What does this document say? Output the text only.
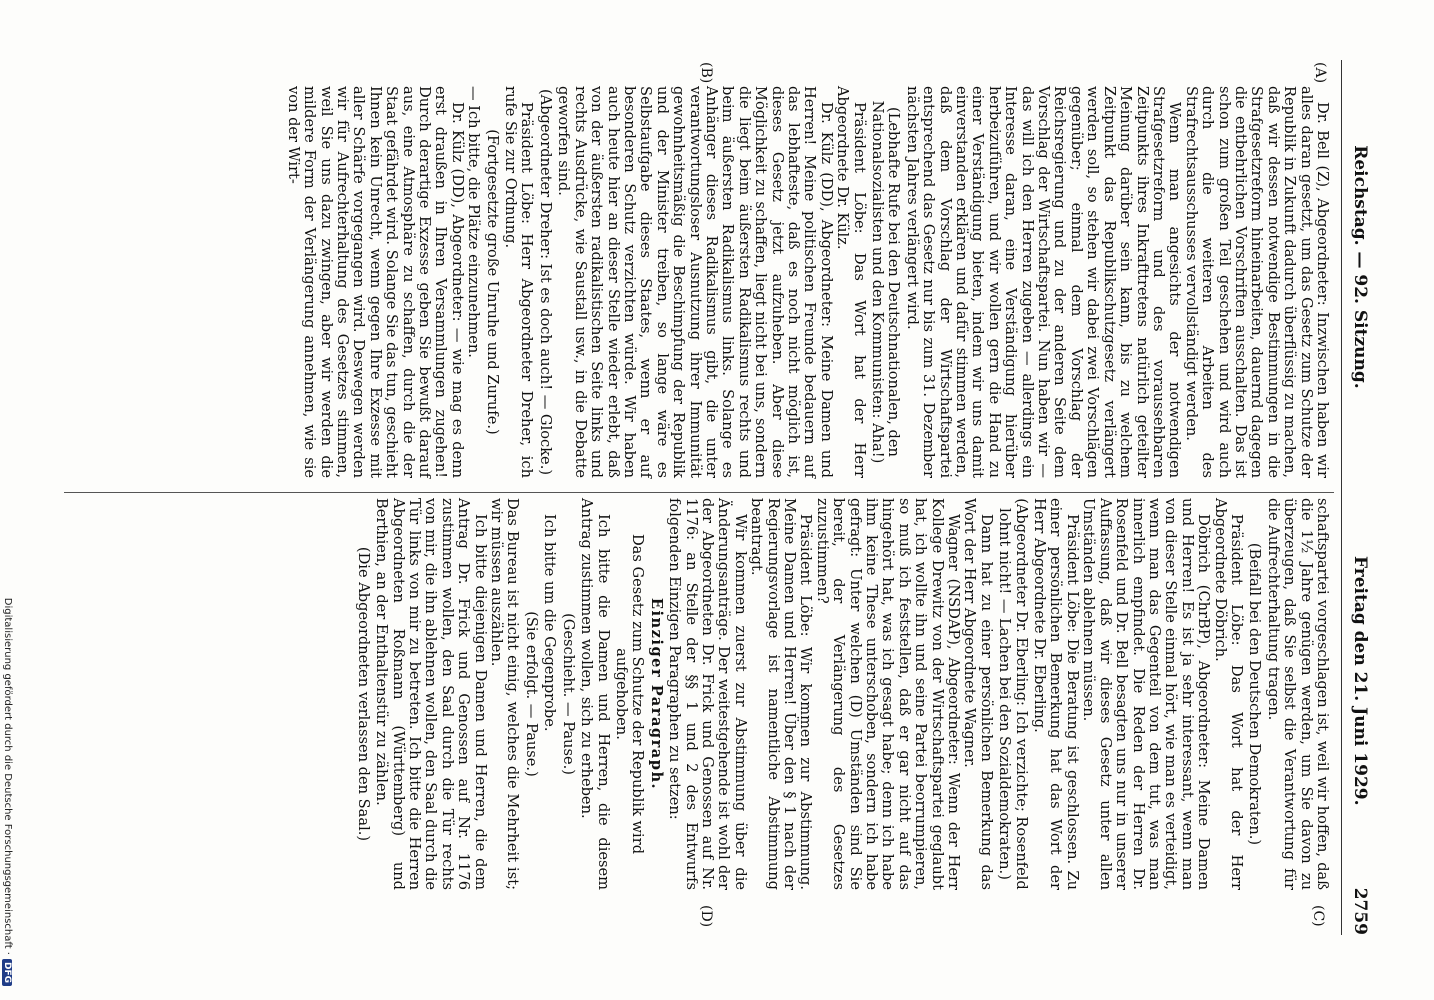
Reichstag. — 92. Sitzung.
Freitag den 21. Juni 1929.
2759
(A)
(B)
(C)
(D)

Dr. Bell (Z), Abgeordneter: Inzwischen haben wir alles daran gesetzt, um das Gesetz zum Schutze der Republik in Zukunft dadurch überflüssig zu machen, daß wir dessen notwendige Bestimmungen in die Strafgesetzreform hineinarbeiten, dauernd dagegen die entbehrlichen Vorschriften ausschalten. Das ist schon zum großen Teil geschehen und wird auch durch die weiteren Arbeiten des Strafrechtsausschusses vervollständigt werden.

Wenn man angesichts der notwendigen Strafgesetzreform und des voraussehbaren Zeitpunkts ihres Inkrafttretens natürlich geteilter Meinung darüber sein kann, bis zu welchem Zeitpunkt das Republikschutzgesetz verlängert werden soll, so stehen wir dabei zwei Vorschlägen gegenüber; einmal dem Vorschlag der Reichsregierung und zu der anderen Seite dem Vorschlag der Wirtschaftspartei. Nun haben wir — das will ich den Herren zugeben — allerdings ein Interesse daran, eine Verständigung hierüber herbeizuführen, und wir wollen gern die Hand zu einer Verständigung bieten, indem wir uns damit einverstanden erklären und dafür stimmen werden, daß dem Vorschlag der Wirtschaftspartei entsprechend das Gesetz nur bis zum 31. Dezember nächsten Jahres verlängert wird.

(Lebhafte Rufe bei den Deutschnationalen, den Nationalsozialisten und den Kommunisten: Aha!)

Präsident Löbe: Das Wort hat der Herr Abgeordnete Dr. Külz.

Dr. Külz (DD), Abgeordneter: Meine Damen und Herren! Meine politischen Freunde bedauern auf das lebhafteste, daß es noch nicht möglich ist, dieses Gesetz jetzt aufzuheben. Aber diese Möglichkeit zu schaffen, liegt nicht bei uns, sondern die liegt beim äußersten Radikalismus rechts und beim äußersten Radikalismus links. Solange es Anhänger dieses Radikalismus gibt, die unter verantwortungsloser Ausnutzung ihrer Immunität gewohnheitsmäßig die Beschimpfung der Republik und der Minister treiben, so lange wäre es Selbstaufgabe dieses Staates, wenn er auf besonderen Schutz verzichten würde. Wir haben auch heute hier an dieser Stelle wieder erlebt, daß von der äußersten radikalistischen Seite links und rechts Ausdrücke, wie Saustall usw., in die Debatte geworfen sind.

(Abgeordneter Dreher: Ist es doch auch! — Glocke.)

Präsident Löbe: Herr Abgeordneter Dreher, ich rufe Sie zur Ordnung.

(Fortgesetzte große Unruhe und Zurufe.)

— Ich bitte, die Plätze einzunehmen.

Dr. Külz (DD), Abgeordneter: — wie mag es denn erst draußen in Ihren Versammlungen zugehen! Durch derartige Exzesse geben Sie bewußt darauf aus, eine Atmosphäre zu schaffen, durch die der Staat gefährdet wird. Solange Sie das tun, geschieht Ihnen kein Unrecht, wenn gegen Ihre Exzesse mit aller Schärfe vorgegangen wird. Deswegen werden wir für Aufrechterhaltung des Gesetzes stimmen, weil Sie uns dazu zwingen, aber wir werden die mildere Form der Verlängerung annehmen, wie sie von der Wirt-

schaftspartei vorgeschlagen ist, weil wir hoffen, daß die 1½ Jahre genügen werden, um Sie davon zu überzeugen, daß Sie selbst die Verantwortung für die Aufrechterhaltung tragen.

(Beifall bei den Deutschen Demokraten.)

Präsident Löbe: Das Wort hat der Herr Abgeordnete Döbrich.

Döbrich (ChrBP), Abgeordneter: Meine Damen und Herren! Es ist ja sehr interessant, wenn man von dieser Stelle einmal hört, wie man es verteidigt, wenn man das Gegenteil von dem tut, was man innerlich empfindet. Die Reden der Herren Dr. Rosenfeld und Dr. Bell besagten uns nur in unserer Auffassung, daß wir dieses Gesetz unter allen Umständen ablehnen müssen.

Präsident Löbe: Die Beratung ist geschlossen. Zu einer persönlichen Bemerkung hat das Wort der Herr Abgeordnete Dr. Eberling.

(Abgeordneter Dr. Eberling: Ich verzichte; Rosenfeld lohnt nicht! — Lachen bei den Sozialdemokraten.)

Dann hat zu einer persönlichen Bemerkung das Wort der Herr Abgeordnete Wagner.

Wagner (NSDAP), Abgeordneter: Wenn der Herr Kollege Drewitz von der Wirtschaftspartei geglaubt hat, ich wollte ihn und seine Partei beorrumpieren, so muß ich feststellen, daß er gar nicht auf das hingehört hat, was ich gesagt habe; denn ich habe ihm keine These unterschoben, sondern ich habe gefragt: Unter welchen (D) Umständen sind Sie bereit, der Verlängerung des Gesetzes zuzustimmen?

Präsident Löbe: Wir kommen zur Abstimmung. Meine Damen und Herren! Über den § 1 nach der Regierungsvorlage ist namentliche Abstimmung beantragt.

Wir kommen zuerst zur Abstimmung über die Änderungsanträge. Der weitestgehende ist wohl der der Abgeordneten Dr. Frick und Genossen auf Nr. 1176: an Stelle der §§ 1 und 2 des Entwurfs folgenden Einzigen Paragraphen zu setzen:

Einziger Paragraph.

Das Gesetz zum Schutze der Republik wird aufgehoben.

Ich bitte die Damen und Herren, die diesem Antrag zustimmen wollen, sich zu erheben.

(Geschieht. — Pause.)

Ich bitte um die Gegenprobe.

(Sie erfolgt. — Pause.)

Das Bureau ist nicht einig, welches die Mehrheit ist; wir müssen auszählen.

Ich bitte diejenigen Damen und Herren, die dem Antrag Dr. Frick und Genossen auf Nr. 1176 zustimmen wollen, den Saal durch die Tür rechts von mir, die ihn ablehnen wollen, den Saal durch die Tür links von mir zu betreten. Ich bitte die Herren Abgeordneten Roßmann (Württemberg) und Berthien, an der Enthaltenstür zu zählen.

(Die Abgeordneten verlassen den Saal.)

Digitalisierung gefördert durch die Deutsche Forschungsgemeinschaft ·DFG
